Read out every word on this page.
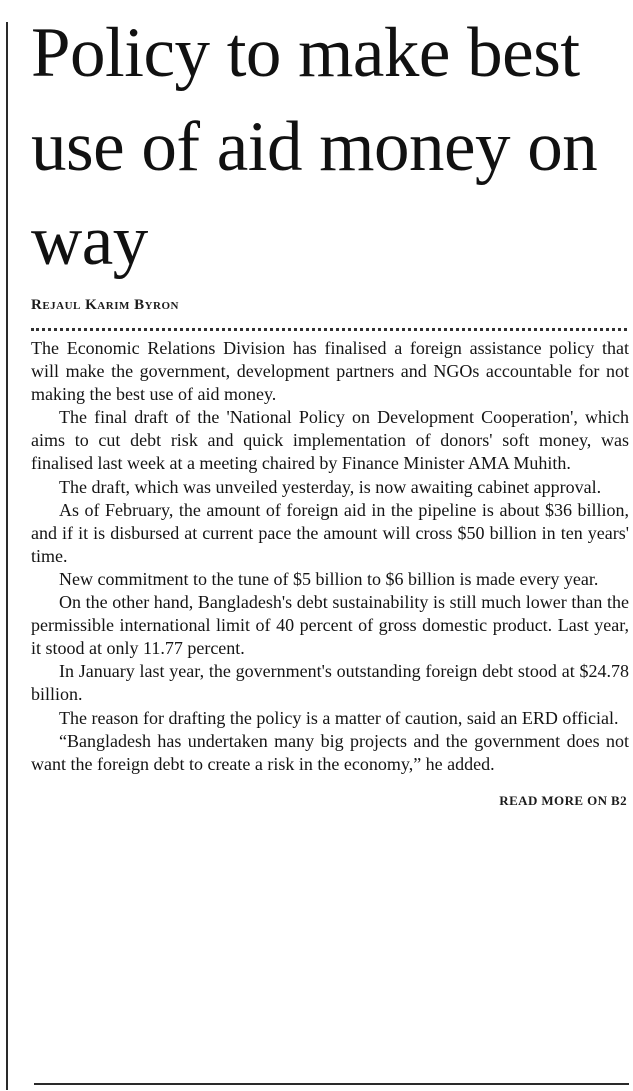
Policy to make best use of aid money on way
Rejaul Karim Byron

The Economic Relations Division has finalised a foreign assistance policy that will make the government, development partners and NGOs accountable for not making the best use of aid money.

The final draft of the 'National Policy on Development Cooperation', which aims to cut debt risk and quick implementation of donors' soft money, was finalised last week at a meeting chaired by Finance Minister AMA Muhith.

The draft, which was unveiled yesterday, is now awaiting cabinet approval.

As of February, the amount of foreign aid in the pipeline is about $36 billion, and if it is disbursed at current pace the amount will cross $50 billion in ten years' time.

New commitment to the tune of $5 billion to $6 billion is made every year.

On the other hand, Bangladesh's debt sustainability is still much lower than the permissible international limit of 40 percent of gross domestic product. Last year, it stood at only 11.77 percent.

In January last year, the government's outstanding foreign debt stood at $24.78 billion.

The reason for drafting the policy is a matter of caution, said an ERD official.

“Bangladesh has undertaken many big projects and the government does not want the foreign debt to create a risk in the economy,” he added.

READ MORE ON B2
